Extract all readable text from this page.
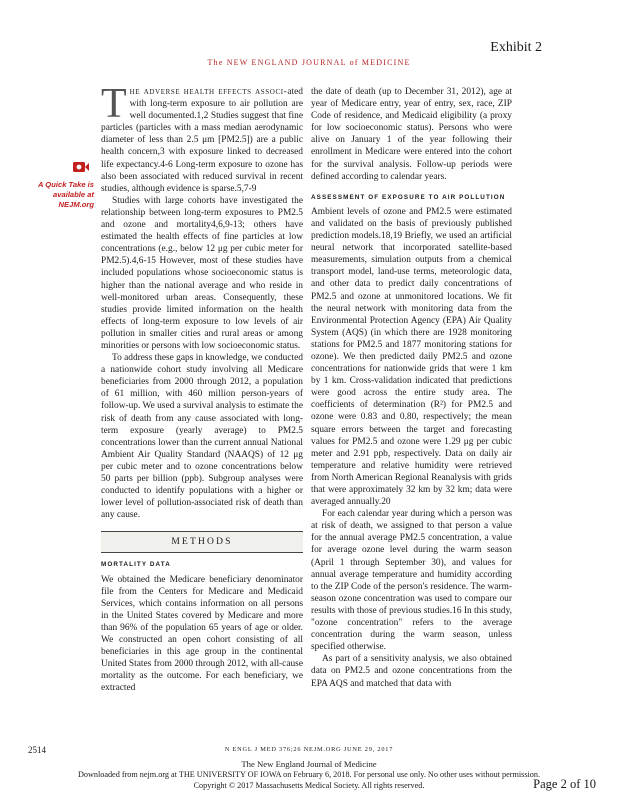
Exhibit 2
The NEW ENGLAND JOURNAL of MEDICINE
A Quick Take is available at NEJM.org

The adverse health effects associ-ated with long-term exposure to air pollution are well documented.1,2 Studies suggest that fine particles (particles with a mass median aerodynamic diameter of less than 2.5 μm [PM2.5]) are a public health concern,3 with exposure linked to decreased life expectancy.4-6 Long-term exposure to ozone has also been associated with reduced survival in recent studies, although evidence is sparse.5,7-9

Studies with large cohorts have investigated the relationship between long-term exposures to PM2.5 and ozone and mortality4,6,9-13; others have estimated the health effects of fine particles at low concentrations (e.g., below 12 μg per cubic meter for PM2.5).4,6-15 However, most of these studies have included populations whose socioeconomic status is higher than the national average and who reside in well-monitored urban areas. Consequently, these studies provide limited information on the health effects of long-term exposure to low levels of air pollution in smaller cities and rural areas or among minorities or persons with low socioeconomic status.

To address these gaps in knowledge, we conducted a nationwide cohort study involving all Medicare beneficiaries from 2000 through 2012, a population of 61 million, with 460 million person-years of follow-up. We used a survival analysis to estimate the risk of death from any cause associated with long-term exposure (yearly average) to PM2.5 concentrations lower than the current annual National Ambient Air Quality Standard (NAAQS) of 12 μg per cubic meter and to ozone concentrations below 50 parts per billion (ppb). Subgroup analyses were conducted to identify populations with a higher or lower level of pollution-associated risk of death than any cause.

METHODS
MORTALITY DATA

We obtained the Medicare beneficiary denominator file from the Centers for Medicare and Medicaid Services, which contains information on all persons in the United States covered by Medicare and more than 96% of the population 65 years of age or older. We constructed an open cohort consisting of all beneficiaries in this age group in the continental United States from 2000 through 2012, with all-cause mortality as the outcome. For each beneficiary, we extracted

the date of death (up to December 31, 2012), age at year of Medicare entry, year of entry, sex, race, ZIP Code of residence, and Medicaid eligibility (a proxy for low socioeconomic status). Persons who were alive on January 1 of the year following their enrollment in Medicare were entered into the cohort for the survival analysis. Follow-up periods were defined according to calendar years.

ASSESSMENT OF EXPOSURE TO AIR POLLUTION

Ambient levels of ozone and PM2.5 were estimated and validated on the basis of previously published prediction models.18,19 Briefly, we used an artificial neural network that incorporated satellite-based measurements, simulation outputs from a chemical transport model, land-use terms, meteorologic data, and other data to predict daily concentrations of PM2.5 and ozone at unmonitored locations. We fit the neural network with monitoring data from the Environmental Protection Agency (EPA) Air Quality System (AQS) (in which there are 1928 monitoring stations for PM2.5 and 1877 monitoring stations for ozone). We then predicted daily PM2.5 and ozone concentrations for nationwide grids that were 1 km by 1 km. Cross-validation indicated that predictions were good across the entire study area. The coefficients of determination (R²) for PM2.5 and ozone were 0.83 and 0.80, respectively; the mean square errors between the target and forecasting values for PM2.5 and ozone were 1.29 μg per cubic meter and 2.91 ppb, respectively. Data on daily air temperature and relative humidity were retrieved from North American Regional Reanalysis with grids that were approximately 32 km by 32 km; data were averaged annually.20

For each calendar year during which a person was at risk of death, we assigned to that person a value for the annual average PM2.5 concentration, a value for average ozone level during the warm season (April 1 through September 30), and values for annual average temperature and humidity according to the ZIP Code of the person's residence. The warm-season ozone concentration was used to compare our results with those of previous studies.16 In this study, "ozone concentration" refers to the average concentration during the warm season, unless specified otherwise.

As part of a sensitivity analysis, we also obtained data on PM2.5 and ozone concentrations from the EPA AQS and matched that data with

2514	N ENGL J MED 376;26 NEJM.ORG JUNE 29, 2017
The New England Journal of Medicine
Downloaded from nejm.org at THE UNIVERSITY OF IOWA on February 6, 2018. For personal use only. No other uses without permission.
Copyright © 2017 Massachusetts Medical Society. All rights reserved.	Page 2 of 10
